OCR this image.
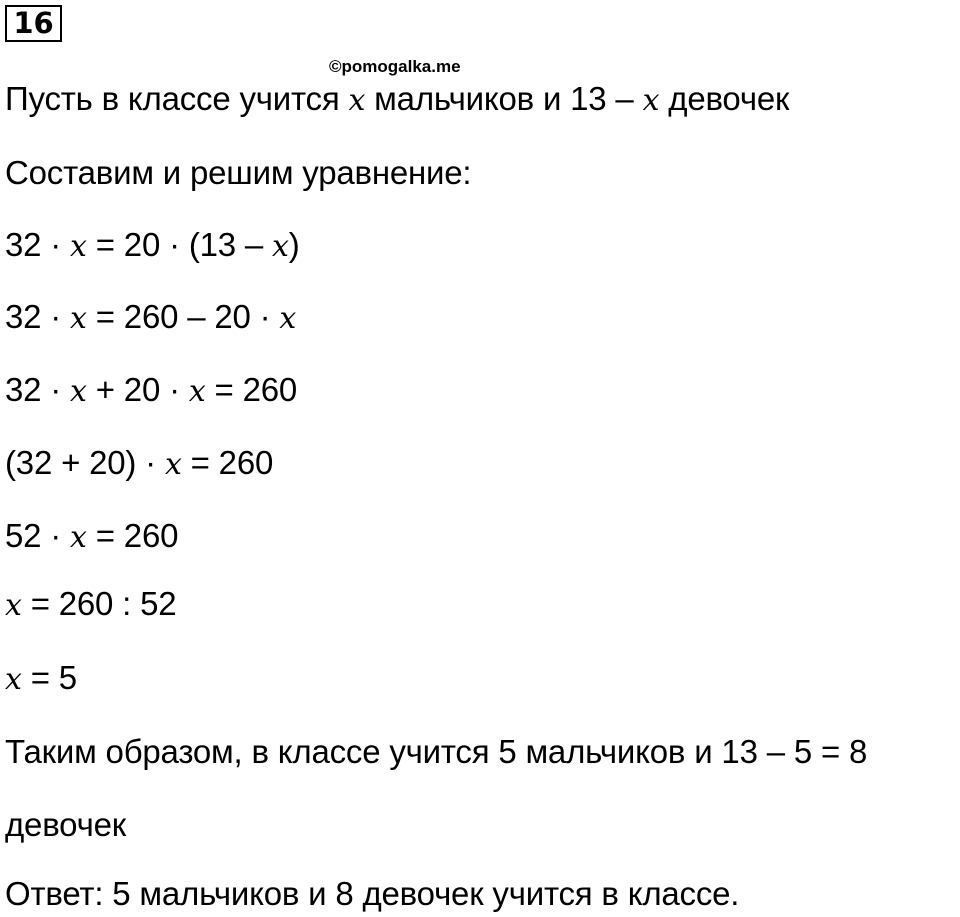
16
©pomogalka.me
Пусть в классе учится x мальчиков и 13 – x девочек
Составим и решим уравнение:
32 · x = 20 · (13 – x)
32 · x = 260 – 20 · x
32 · x + 20 · x = 260
(32 + 20) · x = 260
52 · x = 260
x = 260 : 52
x = 5
Таким образом, в классе учится 5 мальчиков и 13 – 5 = 8
девочек
Ответ: 5 мальчиков и 8 девочек учится в классе.
